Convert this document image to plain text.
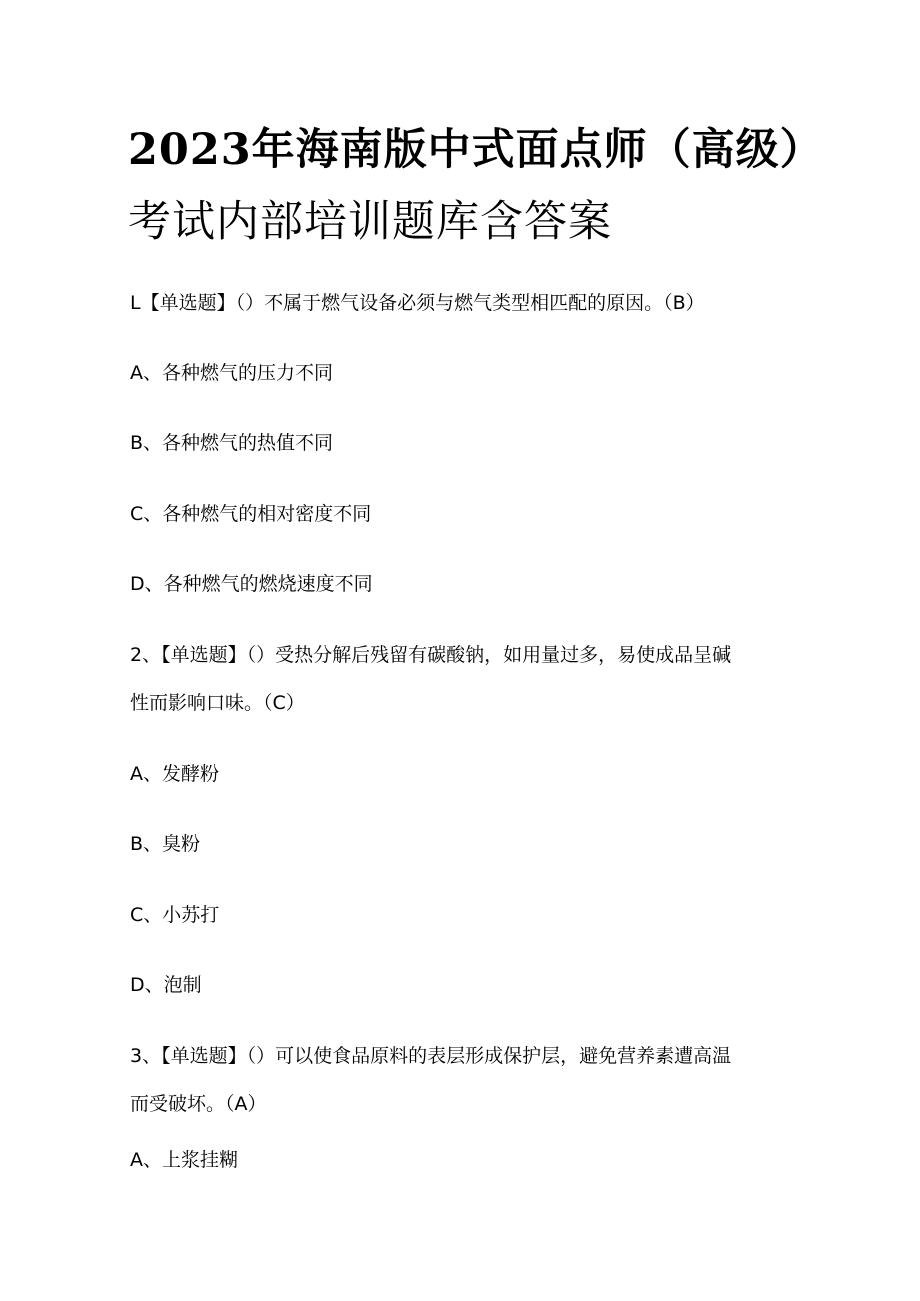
2023年海南版中式面点师（高级）
考试内部培训题库含答案
L【单选题】（）不属于燃气设备必须与燃气类型相匹配的原因。（B）
A、各种燃气的压力不同
B、各种燃气的热值不同
C、各种燃气的相对密度不同
D、各种燃气的燃烧速度不同
2、【单选题】（）受热分解后残留有碳酸钠，如用量过多，易使成品呈碱
性而影响口味。（C）
A、发酵粉
B、臭粉
C、小苏打
D、泡制
3、【单选题】（）可以使食品原料的表层形成保护层，避免营养素遭高温
而受破坏。（A）
A、上浆挂糊
